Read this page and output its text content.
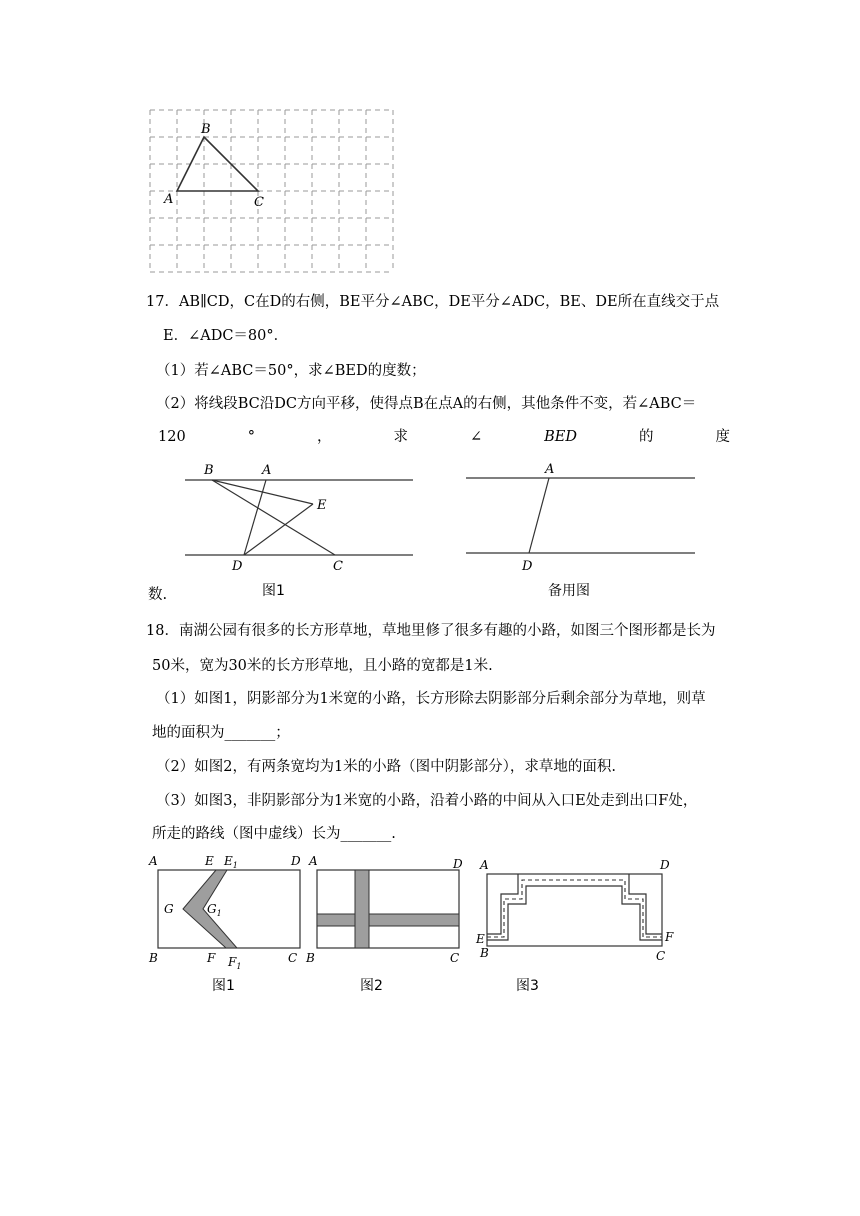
B
A	C
17．AB∥CD，C在D的右侧，BE平分∠ABC，DE平分∠ADC，BE、DE所在直线交于点
E．∠ADC＝80°．
（1）若∠ABC＝50°，求∠BED的度数；
（2）将线段BC沿DC方向平移，使得点B在点A的右侧，其他条件不变，若∠ABC＝
120	°	，	求	∠	BED	的	度
B	A
E
D	C
图1
数.
A
D
备用图
18．南湖公园有很多的长方形草地，草地里修了很多有趣的小路，如图三个图形都是长为
50米，宽为30米的长方形草地，且小路的宽都是1米.
（1）如图1，阴影部分为1米宽的小路，长方形除去阴影部分后剩余部分为草地，则草
地的面积为_______；
（2）如图2，有两条宽均为1米的小路（图中阴影部分），求草地的面积.
（3）如图3，非阴影部分为1米宽的小路，沿着小路的中间从入口E处走到出口F处，
所走的路线（图中虚线）长为_______.
A	E $E_1$	D
G	$G_1$
B	F $F_1$
C
图1
A	D
B	C
图2
A	D
E	F
B	C
图3
